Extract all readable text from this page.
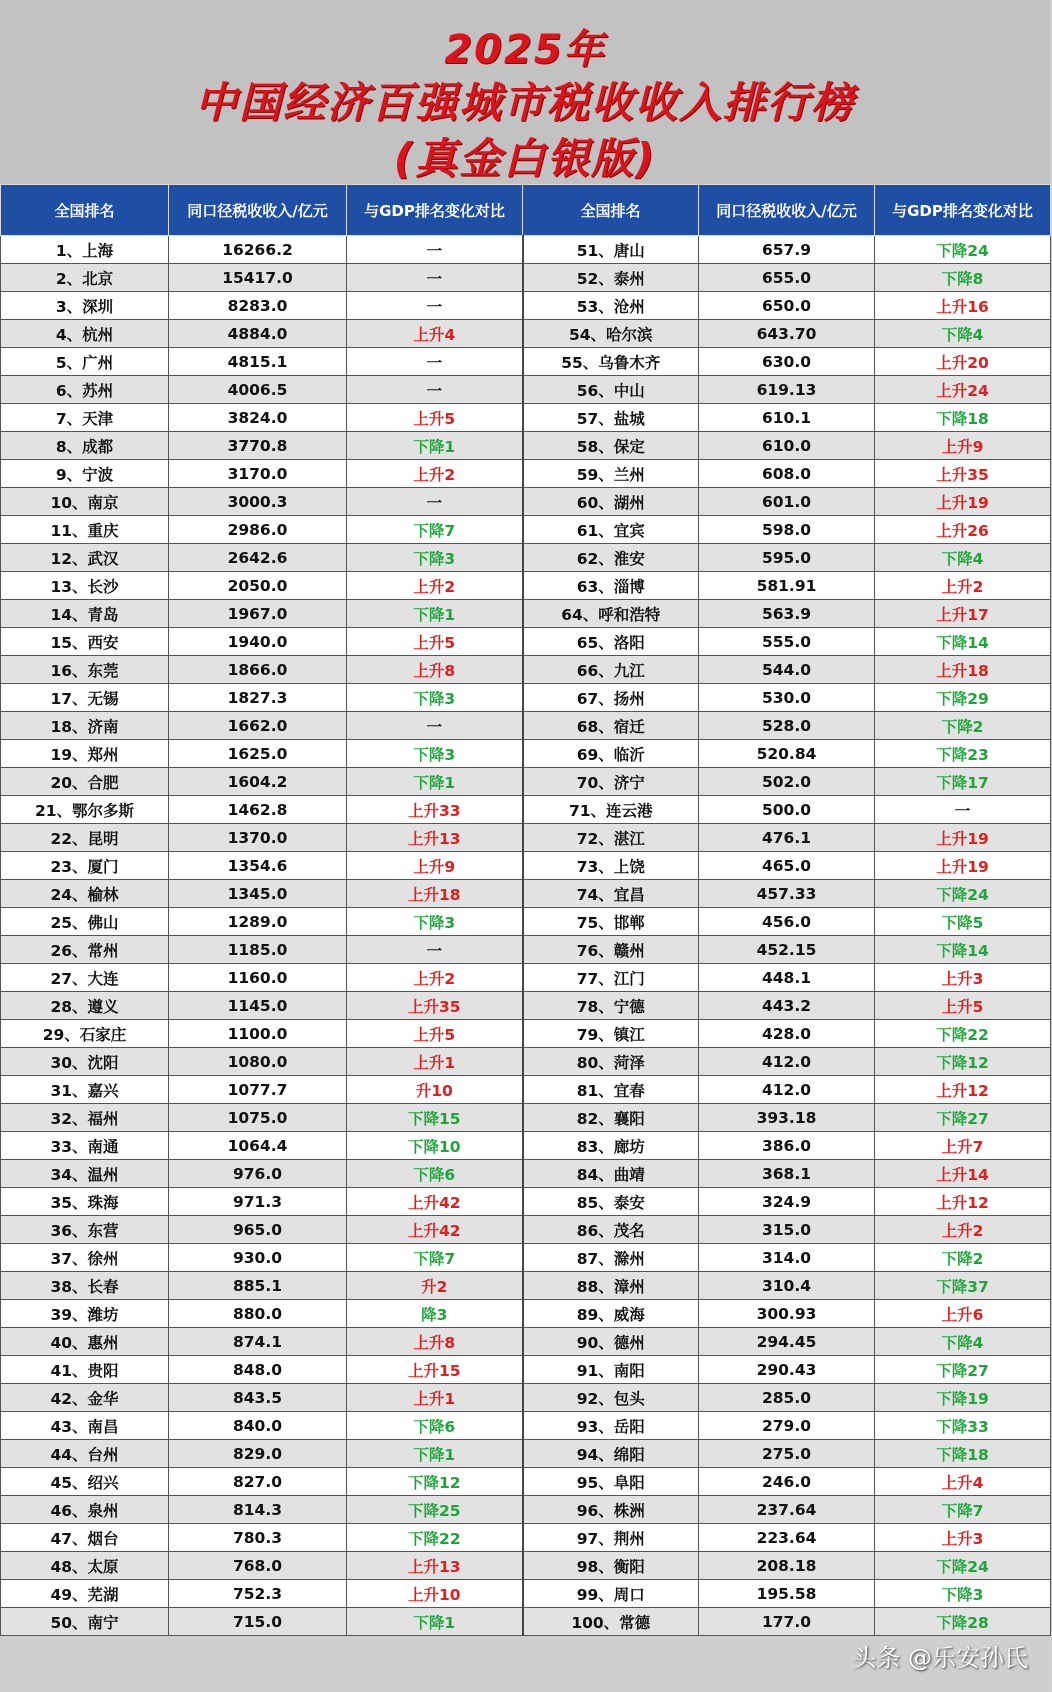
2025年
中国经济百强城市税收收入排行榜
(真金白银版)
全国排名	同口径税收收入/亿元	与GDP排名变化对比	全国排名	同口径税收收入/亿元	与GDP排名变化对比
1、上海	16266.2	一	51、唐山	657.9	下降24
2、北京	15417.0	一	52、泰州	655.0	下降8
3、深圳	8283.0	一	53、沧州	650.0	上升16
4、杭州	4884.0	上升4	54、哈尔滨	643.70	下降4
5、广州	4815.1	一	55、乌鲁木齐	630.0	上升20
6、苏州	4006.5	一	56、中山	619.13	上升24
7、天津	3824.0	上升5	57、盐城	610.1	下降18
8、成都	3770.8	下降1	58、保定	610.0	上升9
9、宁波	3170.0	上升2	59、兰州	608.0	上升35
10、南京	3000.3	一	60、湖州	601.0	上升19
11、重庆	2986.0	下降7	61、宜宾	598.0	上升26
12、武汉	2642.6	下降3	62、淮安	595.0	下降4
13、长沙	2050.0	上升2	63、淄博	581.91	上升2
14、青岛	1967.0	下降1	64、呼和浩特	563.9	上升17
15、西安	1940.0	上升5	65、洛阳	555.0	下降14
16、东莞	1866.0	上升8	66、九江	544.0	上升18
17、无锡	1827.3	下降3	67、扬州	530.0	下降29
18、济南	1662.0	一	68、宿迁	528.0	下降2
19、郑州	1625.0	下降3	69、临沂	520.84	下降23
20、合肥	1604.2	下降1	70、济宁	502.0	下降17
21、鄂尔多斯	1462.8	上升33	71、连云港	500.0	一
22、昆明	1370.0	上升13	72、湛江	476.1	上升19
23、厦门	1354.6	上升9	73、上饶	465.0	上升19
24、榆林	1345.0	上升18	74、宜昌	457.33	下降24
25、佛山	1289.0	下降3	75、邯郸	456.0	下降5
26、常州	1185.0	一	76、赣州	452.15	下降14
27、大连	1160.0	上升2	77、江门	448.1	上升3
28、遵义	1145.0	上升35	78、宁德	443.2	上升5
29、石家庄	1100.0	上升5	79、镇江	428.0	下降22
30、沈阳	1080.0	上升1	80、菏泽	412.0	下降12
31、嘉兴	1077.7	升10	81、宜春	412.0	上升12
32、福州	1075.0	下降15	82、襄阳	393.18	下降27
33、南通	1064.4	下降10	83、廊坊	386.0	上升7
34、温州	976.0	下降6	84、曲靖	368.1	上升14
35、珠海	971.3	上升42	85、泰安	324.9	上升12
36、东营	965.0	上升42	86、茂名	315.0	上升2
37、徐州	930.0	下降7	87、滁州	314.0	下降2
38、长春	885.1	升2	88、漳州	310.4	下降37
39、潍坊	880.0	降3	89、威海	300.93	上升6
40、惠州	874.1	上升8	90、德州	294.45	下降4
41、贵阳	848.0	上升15	91、南阳	290.43	下降27
42、金华	843.5	上升1	92、包头	285.0	下降19
43、南昌	840.0	下降6	93、岳阳	279.0	下降33
44、台州	829.0	下降1	94、绵阳	275.0	下降18
45、绍兴	827.0	下降12	95、阜阳	246.0	上升4
46、泉州	814.3	下降25	96、株洲	237.64	下降7
47、烟台	780.3	下降22	97、荆州	223.64	上升3
48、太原	768.0	上升13	98、衡阳	208.18	下降24
49、芜湖	752.3	上升10	99、周口	195.58	下降3
50、南宁	715.0	下降1	100、常德	177.0	下降28
头条 @乐安孙氏
